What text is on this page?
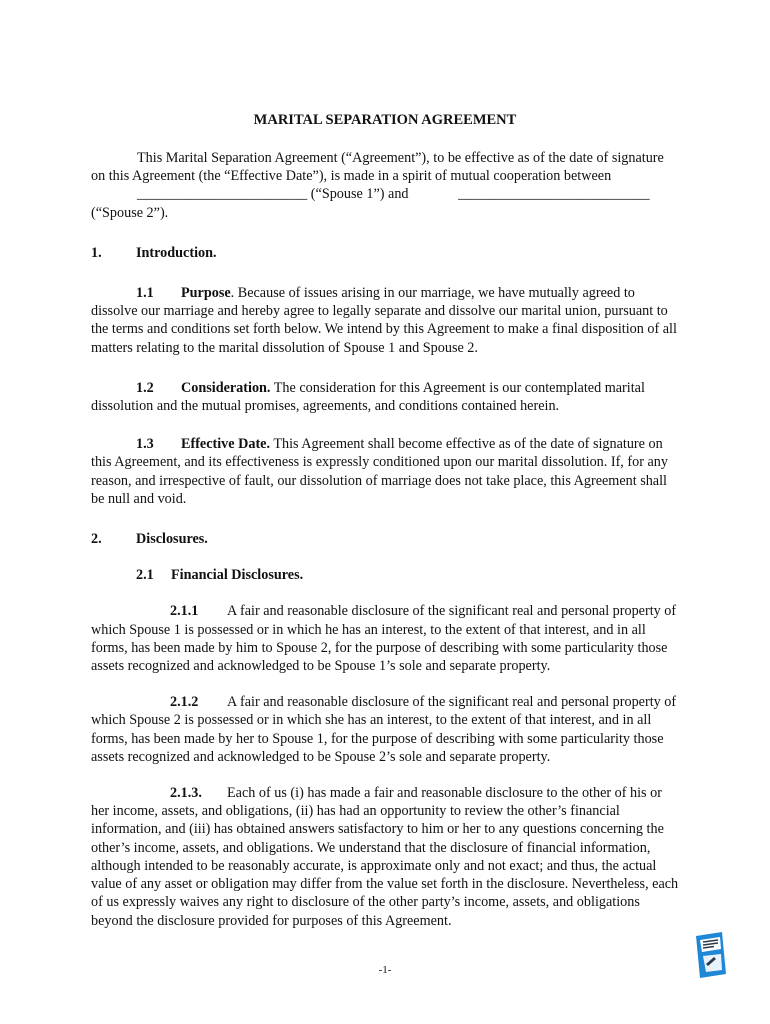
MARITAL SEPARATION AGREEMENT

This Marital Separation Agreement (“Agreement”), to be effective as of the date of signature on this Agreement (the “Effective Date”), is made in a spirit of mutual cooperation between ________________________ (“Spouse 1”) and	___________________________ (“Spouse 2”).

1.	Introduction.

1.1 Purpose. Because of issues arising in our marriage, we have mutually agreed to dissolve our marriage and hereby agree to legally separate and dissolve our marital union, pursuant to the terms and conditions set forth below. We intend by this Agreement to make a final disposition of all matters relating to the marital dissolution of Spouse 1 and Spouse 2.

1.2 Consideration. The consideration for this Agreement is our contemplated marital dissolution and the mutual promises, agreements, and conditions contained herein.

1.3 Effective Date. This Agreement shall become effective as of the date of signature on this Agreement, and its effectiveness is expressly conditioned upon our marital dissolution. If, for any reason, and irrespective of fault, our dissolution of marriage does not take place, this Agreement shall be null and void.

2.	Disclosures.
2.1 Financial Disclosures.

2.1.1 A fair and reasonable disclosure of the significant real and personal property of which Spouse 1 is possessed or in which he has an interest, to the extent of that interest, and in all forms, has been made by him to Spouse 2, for the purpose of describing with some particularity those assets recognized and acknowledged to be Spouse 1’s sole and separate property.

2.1.2 A fair and reasonable disclosure of the significant real and personal property of which Spouse 2 is possessed or in which she has an interest, to the extent of that interest, and in all forms, has been made by her to Spouse 1, for the purpose of describing with some particularity those assets recognized and acknowledged to be Spouse 2’s sole and separate property.

2.1.3. Each of us (i) has made a fair and reasonable disclosure to the other of his or her income, assets, and obligations, (ii) has had an opportunity to review the other’s financial information, and (iii) has obtained answers satisfactory to him or her to any questions concerning the other’s income, assets, and obligations. We understand that the disclosure of financial information, although intended to be reasonably accurate, is approximate only and not exact; and thus, the actual value of any asset or obligation may differ from the value set forth in the disclosure. Nevertheless, each of us expressly waives any right to disclosure of the other party’s income, assets, and obligations beyond the disclosure provided for purposes of this Agreement.

-1-
